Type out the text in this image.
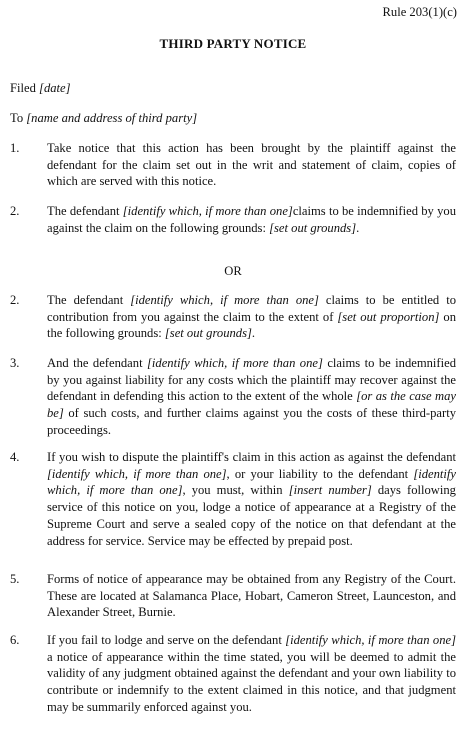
Rule 203(1)(c)
THIRD PARTY NOTICE
Filed [date]
To [name and address of third party]
1. Take notice that this action has been brought by the plaintiff against the defendant for the claim set out in the writ and statement of claim, copies of which are served with this notice.
2. The defendant [identify which, if more than one]claims to be indemnified by you against the claim on the following grounds: [set out grounds].
OR
2. The defendant [identify which, if more than one] claims to be entitled to contribution from you against the claim to the extent of [set out proportion] on the following grounds: [set out grounds].
3. And the defendant [identify which, if more than one] claims to be indemnified by you against liability for any costs which the plaintiff may recover against the defendant in defending this action to the extent of the whole [or as the case may be] of such costs, and further claims against you the costs of these third-party proceedings.
4. If you wish to dispute the plaintiff's claim in this action as against the defendant [identify which, if more than one], or your liability to the defendant [identify which, if more than one], you must, within [insert number] days following service of this notice on you, lodge a notice of appearance at a Registry of the Supreme Court and serve a sealed copy of the notice on that defendant at the address for service. Service may be effected by prepaid post.
5. Forms of notice of appearance may be obtained from any Registry of the Court. These are located at Salamanca Place, Hobart, Cameron Street, Launceston, and Alexander Street, Burnie.
6. If you fail to lodge and serve on the defendant [identify which, if more than one] a notice of appearance within the time stated, you will be deemed to admit the validity of any judgment obtained against the defendant and your own liability to contribute or indemnify to the extent claimed in this notice, and that judgment may be summarily enforced against you.
